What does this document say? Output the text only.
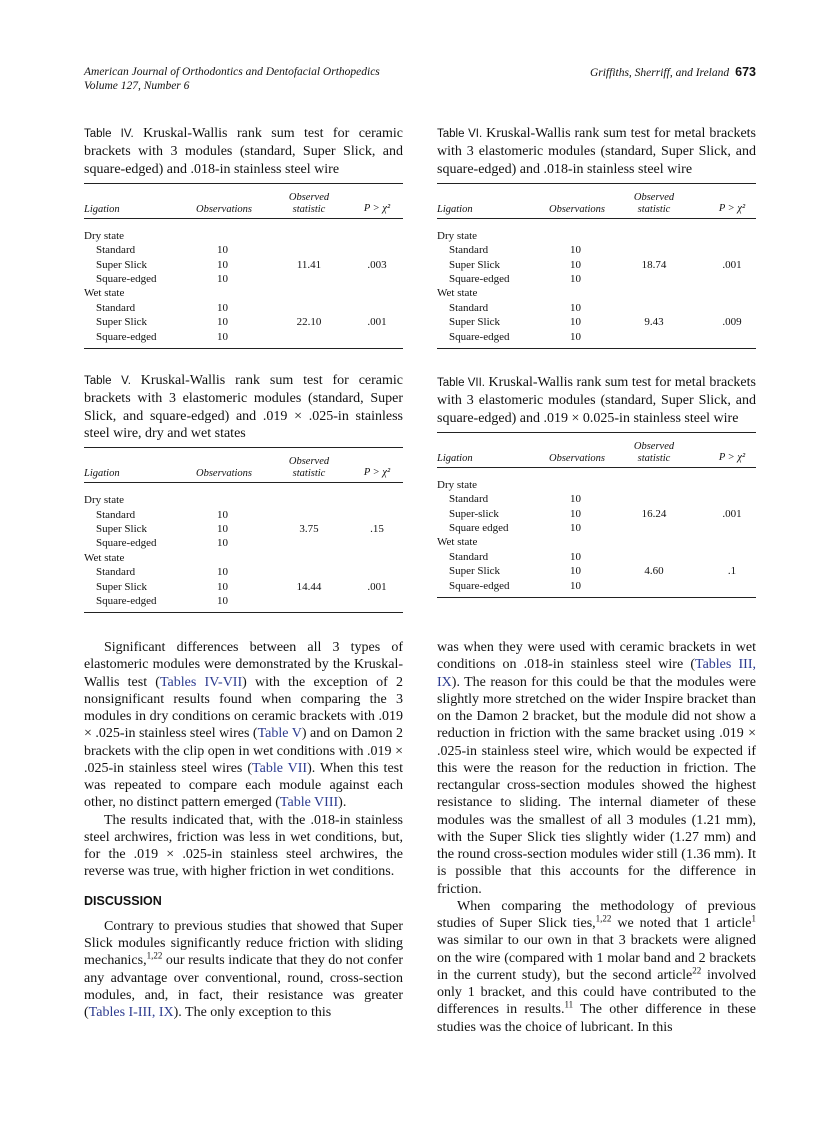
American Journal of Orthodontics and Dentofacial Orthopedics
Volume 127, Number 6
Griffiths, Sherriff, and Ireland 673
Table IV. Kruskal-Wallis rank sum test for ceramic brackets with 3 modules (standard, Super Slick, and square-edged) and .018-in stainless steel wire
Ligation	Observations
Observed
statistic	P > χ²
Dry state
Standard	10
Super Slick	10	11.41	.003
Square-edged	10
Wet state
Standard	10
Super Slick	10	22.10	.001
Square-edged	10
Table V. Kruskal-Wallis rank sum test for ceramic brackets with 3 elastomeric modules (standard, Super Slick, and square-edged) and .019 × .025-in stainless steel wire, dry and wet states
Ligation	Observations
Observed
statistic	P > χ²
Dry state
Standard	10
Super Slick	10	3.75	.15
Square-edged	10
Wet state
Standard	10
Super Slick	10	14.44	.001
Square-edged	10
Table VI. Kruskal-Wallis rank sum test for metal brackets with 3 elastomeric modules (standard, Super Slick, and square-edged) and .018-in stainless steel wire
Ligation	Observations
Observed
statistic	P > χ²
Dry state
Standard	10
Super Slick	10	18.74	.001
Square-edged	10
Wet state
Standard	10
Super Slick	10	9.43	.009
Square-edged	10
Table VII. Kruskal-Wallis rank sum test for metal brackets with 3 elastomeric modules (standard, Super Slick, and square-edged) and .019 × 0.025-in stainless steel wire
Ligation	Observations
Observed
statistic	P > χ²
Dry state
Standard	10
Super-slick	10	16.24	.001
Square edged	10
Wet state
Standard	10
Super Slick	10	4.60	.1
Square-edged	10

Significant differences between all 3 types of elastomeric modules were demonstrated by the Kruskal-Wallis test (Tables IV-VII) with the exception of 2 nonsignificant results found when comparing the 3 modules in dry conditions on ceramic brackets with .019 × .025-in stainless steel wires (Table V) and on Damon 2 brackets with the clip open in wet conditions with .019 × .025-in stainless steel wires (Table VII). When this test was repeated to compare each module against each other, no distinct pattern emerged (Table VIII).

The results indicated that, with the .018-in stainless steel archwires, friction was less in wet conditions, but, for the .019 × .025-in stainless steel archwires, the reverse was true, with higher friction in wet conditions.

DISCUSSION

Contrary to previous studies that showed that Super Slick modules significantly reduce friction with sliding mechanics,$^{1,22}$ our results indicate that they do not confer any advantage over conventional, round, cross-section modules, and, in fact, their resistance was greater (Tables I-III, IX). The only exception to this

was when they were used with ceramic brackets in wet conditions on .018-in stainless steel wire (Tables III, IX). The reason for this could be that the modules were slightly more stretched on the wider Inspire bracket than on the Damon 2 bracket, but the module did not show a reduction in friction with the same bracket using .019 × .025-in stainless steel wire, which would be expected if this were the reason for the reduction in friction. The rectangular cross-section modules showed the highest resistance to sliding. The internal diameter of these modules was the smallest of all 3 modules (1.21 mm), with the Super Slick ties slightly wider (1.27 mm) and the round cross-section modules wider still (1.36 mm). It is possible that this accounts for the difference in friction.

When comparing the methodology of previous studies of Super Slick ties,$^{1,22}$ we noted that 1 article$^1$ was similar to our own in that 3 brackets were aligned on the wire (compared with 1 molar band and 2 brackets in the current study), but the second article$^{22}$ involved only 1 bracket, and this could have contributed to the differences in results.$^{11}$ The other difference in these studies was the choice of lubricant. In this
